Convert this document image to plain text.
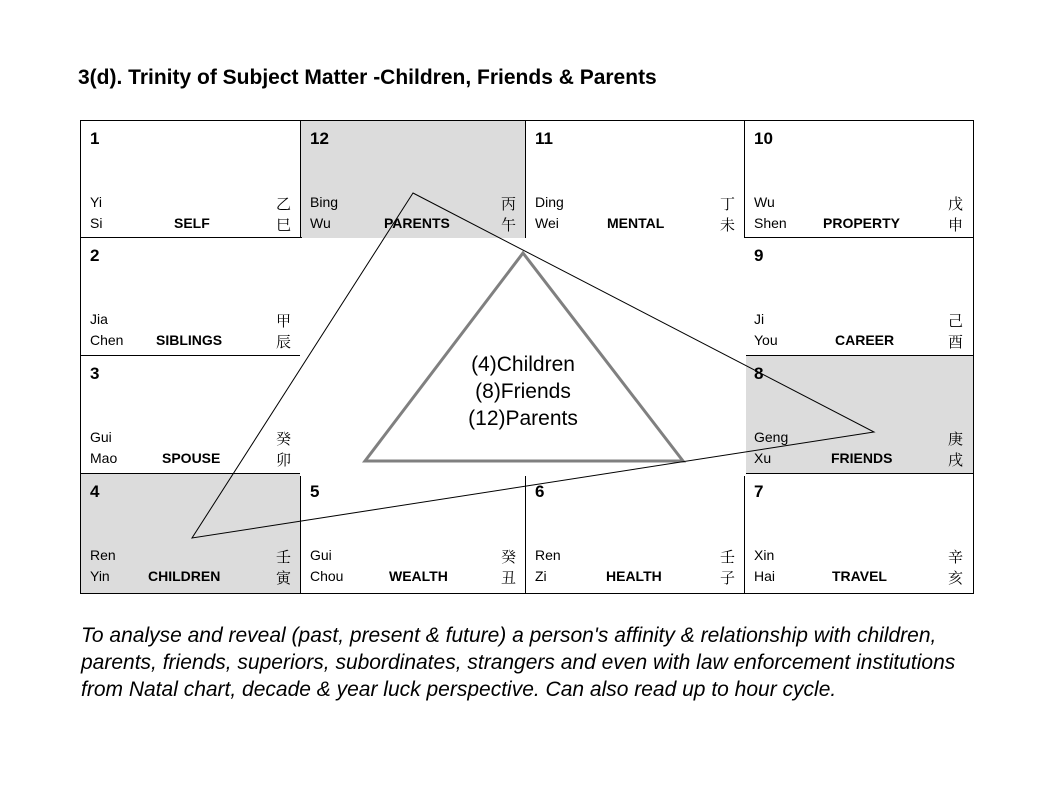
3(d). Trinity of Subject Matter -Children, Friends & Parents
1
Yi
Si	SELF
乙
巳
12
Bing
Wu	PARENTS
丙
午
11
Ding
Wei	MENTAL
丁
未
10
Wu
Shen	PROPERTY
戊
申
2
Jia
Chen SIBLINGS
甲
辰
9
Ji
You	CAREER
己
酉
3
Gui
Mao	SPOUSE
癸
卯
8
Geng
Xu	FRIENDS
庚
戌
4
Ren
Yin	CHILDREN
壬
寅
5
Gui
Chou	WEALTH
癸
丑
6
Ren
Zi	HEALTH
壬
子
7
Xin
Hai	TRAVEL
辛
亥
(4)Children
(8)Friends
(12)Parents
To analyse and reveal (past, present & future) a person's affinity & relationship with children, parents, friends, superiors, subordinates, strangers and even with law enforcement institutions from Natal chart, decade & year luck perspective. Can also read up to hour cycle.
